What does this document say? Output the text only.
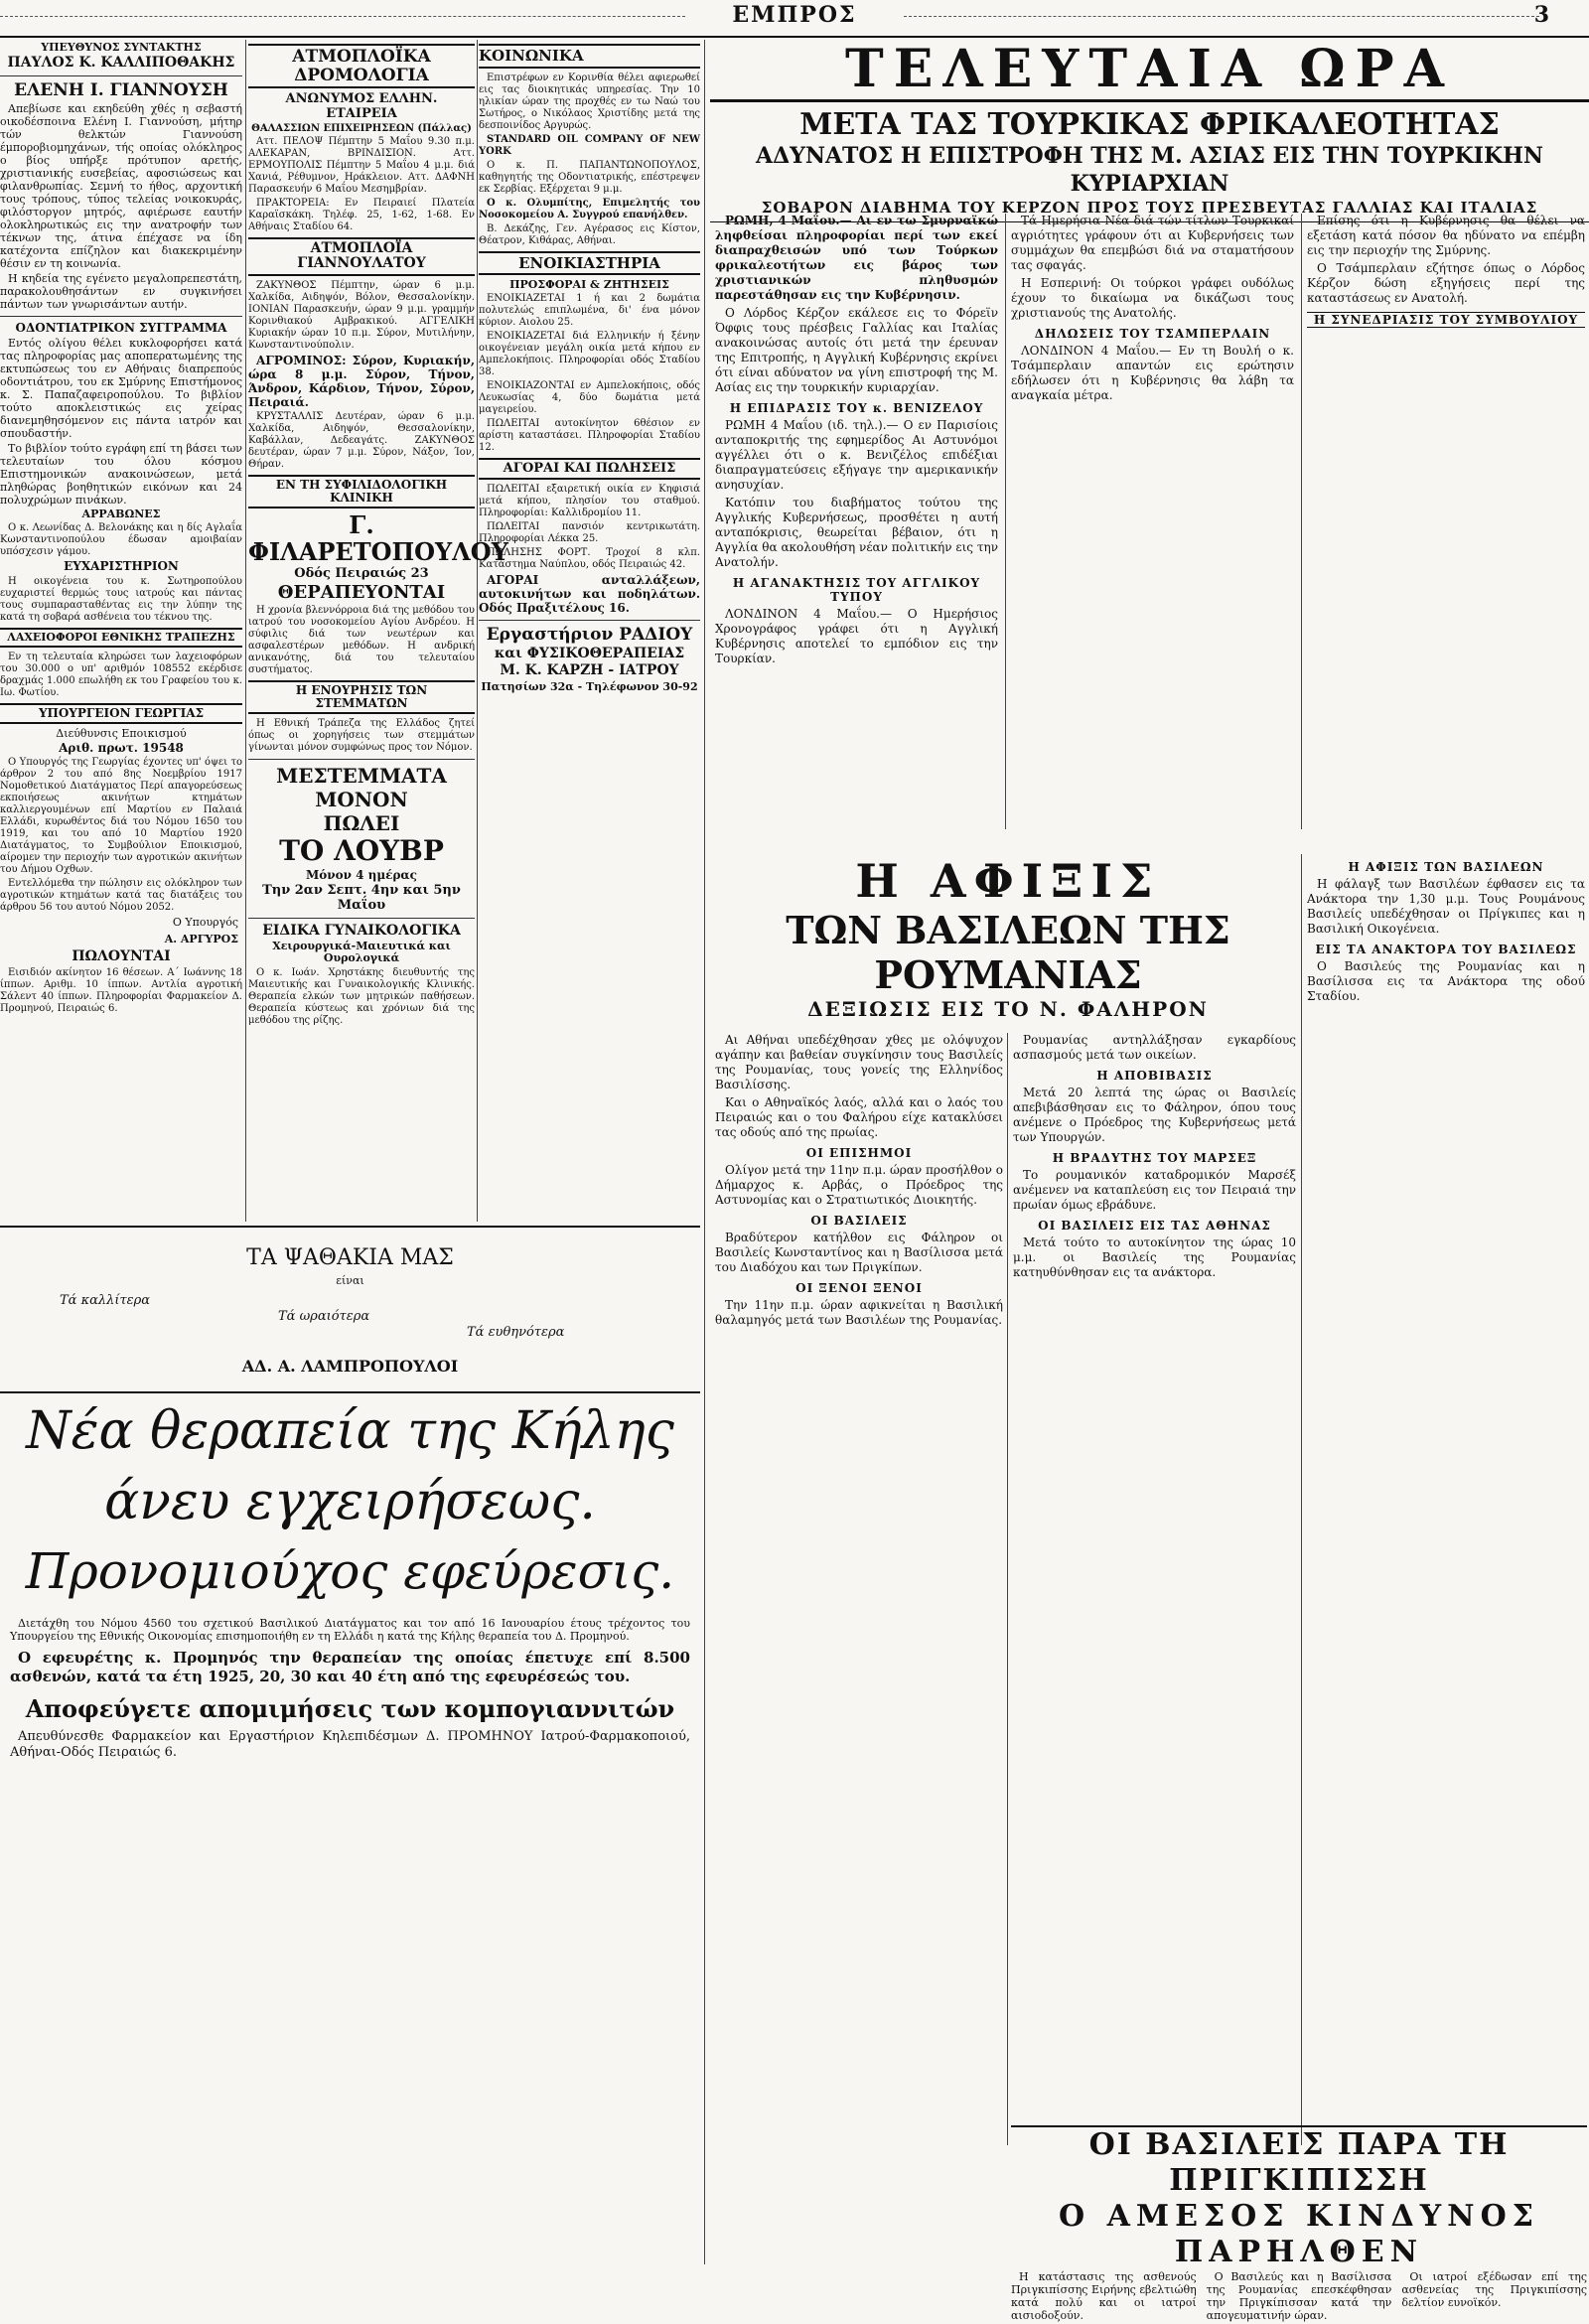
ΕΜΠΡΟΣ	3
ΥΠΕΥΘΥΝΟΣ ΣΥΝΤΑΚΤΗΣ
ΠΑΥΛΟΣ Κ. ΚΑΛΛΙΠΟΘΑΚΗΣ
ΕΛΕΝΗ Ι. ΓΙΑΝΝΟΥΣΗ

Απεβίωσε και εκηδεύθη χθές η σεβαστή οικοδέσποινα Ελένη Ι. Γιαννούση, μήτηρ τών θελκτών Γιαννούση έμποροβιομηχάνων, τής οποίας ολόκληρος ο βίος υπήρξε πρότυπον αρετής, χριστιανικής ευσεβείας, αφοσιώσεως και φιλανθρωπίας. Σεμνή το ήθος, αρχοντική τους τρόπους, τύπος τελείας νοικοκυράς, φιλόστοργον μητρός, αφιέρωσε εαυτήν ολοκληρωτικώς εις την ανατροφήν των τέκνων της, άτινα έπέχασε να ίδη κατέχοντα επίζηλον και διακεκριμένην θέσιν εν τη κοινωνία.

Η κηδεία της εγένετο μεγαλοπρεπεστάτη, παρακολουθησάντων εν συγκινήσει πάντων των γνωρισάντων αυτήν.

ΟΔΟΝΤΙΑΤΡΙΚΟΝ ΣΥΓΓΡΑΜΜΑ

Εντός ολίγου θέλει κυκλοφορήσει κατά τας πληροφορίας μας αποπερατωμένης της εκτυπώσεως του εν Αθήναις διαπρεπούς οδοντιάτρου, του εκ Σμύρνης Επιστήμονος κ. Σ. Παπαζαφειροπούλου. Το βιβλίον τούτο αποκλειστικώς εις χείρας διανεμηθησόμενον εις πάντα ιατρόν και σπουδαστήν.

Το βιβλίον τούτο εγράφη επί τη βάσει των τελευταίων του όλου κόσμου Επιστημονικών ανακοινώσεων, μετά πληθώρας βοηθητικών εικόνων και 24 πολυχρώμων πινάκων.

ΑΡΡΑΒΩΝΕΣ

Ο κ. Λεωνίδας Δ. Βελονάκης και η δίς Αγλαΐα Κωνσταντινοπούλου έδωσαν αμοιβαίαν υπόσχεσιν γάμου.

ΕΥΧΑΡΙΣΤΗΡΙΟΝ

Η οικογένεια του κ. Σωτηροπούλου ευχαριστεί θερμώς τους ιατρούς και πάντας τους συμπαρασταθέντας εις την λύπην της κατά τη σοβαρά ασθένεια του τέκνου της.

ΛΑΧΕΙΟΦΟΡΟΙ ΕΘΝΙΚΗΣ ΤΡΑΠΕΖΗΣ

Εν τη τελευταία κληρώσει των λαχειοφόρων του 30.000 ο υπ' αριθμόν 108552 εκέρδισε δραχμάς 1.000 επωλήθη εκ του Γραφείου του κ. Ιω. Φωτίου.

ΥΠΟΥΡΓΕΙΟΝ ΓΕΩΡΓΙΑΣ
Διεύθυνσις Εποικισμού
Αριθ. πρωτ. 19548

Ο Υπουργός της Γεωργίας έχοντες υπ' όψει το άρθρον 2 του από 8ης Νοεμβρίου 1917 Νομοθετικού Διατάγματος Περί απαγορεύσεως εκποιήσεως ακινήτων κτημάτων καλλιεργουμένων επί Μαρτίου εν Παλαιά Ελλάδι, κυρωθέντος διά του Νόμου 1650 του 1919, και του από 10 Μαρτίου 1920 Διατάγματος, το Συμβούλιον Εποικισμού, αίρομεν την περιοχήν των αγροτικών ακινήτων του Δήμου Οχθων.

Εντελλόμεθα την πώλησιν εις ολόκληρον των αγροτικών κτημάτων κατά τας διατάξεις του άρθρου 56 του αυτού Νόμου 2052.

Ο Υπουργός
Α. ΑΡΓΥΡΟΣ
ΠΩΛΟΥΝΤΑΙ

Εισιδιόν ακίνητον 16 θέσεων. Α΄ Ιωάννης 18 ίππων. Αριθμ. 10 ίππων. Αντλία αγροτική Σάλεντ 40 ίππων. Πληροφορίαι Φαρμακείον Δ. Προμηνού, Πειραιώς 6.

ΑΤΜΟΠΛΟΪΚΑ ΔΡΟΜΟΛΟΓΙΑ
ΑΝΩΝΥΜΟΣ ΕΛΛΗΝ. ΕΤΑΙΡΕΙΑ
ΘΑΛΑΣΣΙΩΝ ΕΠΙΧΕΙΡΗΣΕΩΝ (Πάλλας)

Αττ. ΠΕΛΟΨ Πέμπτην 5 Μαΐου 9.30 π.μ. ΑΛΕΚΑΡΑΝ, ΒΡΙΝΔΙΣΙΟΝ. Αττ. ΕΡΜΟΥΠΟΛΙΣ Πέμπτην 5 Μαΐου 4 μ.μ. διά Χανιά, Ρέθυμνον, Ηράκλειον. Αττ. ΔΑΦΝΗ Παρασκευήν 6 Μαΐου Μεσημβρίαν.

ΠΡΑΚΤΟΡΕΙΑ: Εν Πειραιεί Πλατεία Καραϊσκάκη. Τηλέφ. 25, 1-62, 1-68. Εν Αθήναις Σταδίου 64.

ΑΤΜΟΠΛΟΪΑ ΓΙΑΝΝΟΥΛΑΤΟΥ

ΖΑΚΥΝΘΟΣ Πέμπτην, ώραν 6 μ.μ. Χαλκίδα, Αιδηψόν, Βόλον, Θεσσαλονίκην. ΙΟΝΙΑΝ Παρασκευήν, ώραν 9 μ.μ. γραμμήν Κορινθιακού Αμβρακικού. ΑΓΓΕΛΙΚΗ Κυριακήν ώραν 10 π.μ. Σύρον, Μυτιλήνην, Κωνσταντινούπολιν.

ΑΓΡΟΜΙΝΟΣ: Σύρον, Κυριακήν, ώρα 8 μ.μ. Σύρον, Τήνον, Άνδρον, Κάρδιον, Τήνον, Σύρον, Πειραιά.

ΚΡΥΣΤΑΛΛΙΣ Δευτέραν, ώραν 6 μ.μ. Χαλκίδα, Αιδηψόν, Θεσσαλονίκην, Καβάλλαν, Δεδεαγάτς. ΖΑΚΥΝΘΟΣ δευτέραν, ώραν 7 μ.μ. Σύρον, Νάξον, Ίον, Θήραν.

ΕΝ ΤΗ ΣΥΦΙΛΙΔΟΛΟΓΙΚΗ ΚΛΙΝΙΚΗ
Γ. ΦΙΛΑΡΕΤΟΠΟΥΛΟΥ
Οδός Πειραιώς 23
ΘΕΡΑΠΕΥΟΝΤΑΙ

Η χρονία βλεννόρροια διά της μεθόδου του ιατρού του νοσοκομείου Αγίου Ανδρέου. Η σύφιλις διά των νεωτέρων και ασφαλεστέρων μεθόδων. Η ανδρική ανικανότης, διά του τελευταίου συστήματος.

Η ΕΝΟΥΡΗΣΙΣ ΤΩΝ ΣΤΕΜΜΑΤΩΝ

Η Εθνική Τράπεζα της Ελλάδος ζητεί όπως οι χορηγήσεις των στεμμάτων γίνωνται μόνον συμφώνως προς τον Νόμον.

ΜΕΣΤΕΜΜΑΤΑ
ΜΟΝΟΝ
ΠΩΛΕΙ
ΤΟ ΛΟΥΒΡ
Μόνον 4 ημέρας
Την 2αν Σεπτ. 4ην και 5ην Μαΐου
ΕΙΔΙΚΑ ΓΥΝΑΙΚΟΛΟΓΙΚΑ
Χειρουργικά-Μαιευτικά και Ουρολογικά

Ο κ. Ιωάν. Χρηστάκης διευθυντής της Μαιευτικής και Γυναικολογικής Κλινικής. Θεραπεία ελκών των μητρικών παθήσεων. Θεραπεία κύστεως και χρόνιων διά της μεθόδου της ρίζης.

ΚΟΙΝΩΝΙΚΑ

Επιστρέφων εν Κορινθία θέλει αφιερωθεί εις τας διοικητικάς υπηρεσίας. Την 10 ηλικίαν ώραν της προχθές εν τω Ναώ του Σωτήρος, ο Νικόλαος Χριστίδης μετά της δεσποινίδος Αργυρώς.

STANDARD OIL COMPANY OF NEW YORK

Ο κ. Π. ΠΑΠΑΝΤΩΝΟΠΟΥΛΟΣ, καθηγητής της Οδοντιατρικής, επέστρεψεν εκ Σερβίας. Εξέρχεται 9 μ.μ.

Ο κ. Ολυμπίτης, Επιμελητής του Νοσοκομείου Α. Συγγρού επανήλθεν.

Β. Δεκάζης, Γεν. Αγέρασος εις Κίστον, Θέατρον, Κιθάρας, Αθήναι.

ΕΝΟΙΚΙΑΣΤΗΡΙΑ
ΠΡΟΣΦΟΡΑΙ & ΖΗΤΗΣΕΙΣ

ΕΝΟΙΚΙΑΖΕΤΑΙ 1 ή και 2 δωμάτια πολυτελώς επιπλωμένα, δι' ένα μόνον κύριον. Αιολου 25.

ΕΝΟΙΚΙΑΖΕΤΑΙ διά Ελληνικήν ή ξένην οικογένειαν μεγάλη οικία μετά κήπου εν Αμπελοκήποις. Πληροφορίαι οδός Σταδίου 38.

ΕΝΟΙΚΙΑΖΟΝΤΑΙ εν Αμπελοκήποις, οδός Λευκωσίας 4, δύο δωμάτια μετά μαγειρείου.

ΠΩΛΕΙΤΑΙ αυτοκίνητον 6θέσιον εν αρίστη καταστάσει. Πληροφορίαι Σταδίου 12.

ΑΓΟΡΑΙ ΚΑΙ ΠΩΛΗΣΕΙΣ

ΠΩΛΕΙΤΑΙ εξαιρετική οικία εν Κηφισιά μετά κήπου, πλησίον του σταθμού. Πληροφορίαι: Καλλιδρομίου 11.

ΠΩΛΕΙΤΑΙ πανσιόν κεντρικωτάτη. Πληροφορίαι Λέκκα 25.

ΠΩΛΗΣΗΣ ΦΟΡΤ. Τροχοί 8 κλπ. Κατάστημα Ναύπλου, οδός Πειραιώς 42.

ΑΓΟΡΑΙ ανταλλάξεων, αυτοκινήτων και ποδηλάτων. Οδός Πραξιτέλους 16.

Εργαστήριον ΡΑΔΙΟΥ
και ΦΥΣΙΚΟΘΕΡΑΠΕΙΑΣ
Μ. Κ. ΚΑΡΖΗ - ΙΑΤΡΟΥ
Πατησίων 32α - Τηλέφωνον 30-92
ΤΑ ΨΑΘΑΚΙΑ ΜΑΣ
είναι
Τά καλλίτερα
Τά ωραιότερα
Τά ευθηνότερα
ΑΔ. Α. ΛΑΜΠΡΟΠΟΥΛΟΙ
Νέα θεραπεία της Κήλης
άνευ εγχειρήσεως.
Προνομιούχος εφεύρεσις.

Διετάχθη του Νόμου 4560 του σχετικού Βασιλικού Διατάγματος και τον από 16 Ιανουαρίου έτους τρέχοντος του Υπουργείου της Εθνικής Οικονομίας επισημοποιήθη εν τη Ελλάδι η κατά της Κήλης θεραπεία του Δ. Προμηνού.

Ο εφευρέτης κ. Προμηνός την θεραπείαν της οποίας έπετυχε επί 8.500 ασθενών, κατά τα έτη 1925, 20, 30 και 40 έτη από της εφευρέσεώς του.

Αποφεύγετε απομιμήσεις των κομπογιαννιτών

Απευθύνεσθε Φαρμακείον και Εργαστήριον Κηλεπιδέσμων Δ. ΠΡΟΜΗΝΟΥ Ιατρού-Φαρμακοποιού, Αθήναι-Οδός Πειραιώς 6.

ΤΕΛΕΥΤΑΙΑ ΩΡΑ
ΜΕΤΑ ΤΑΣ ΤΟΥΡΚΙΚΑΣ ΦΡΙΚΑΛΕΟΤΗΤΑΣ
ΑΔΥΝΑΤΟΣ Η ΕΠΙΣΤΡΟΦΗ ΤΗΣ Μ. ΑΣΙΑΣ ΕΙΣ ΤΗΝ ΤΟΥΡΚΙΚΗΝ ΚΥΡΙΑΡΧΙΑΝ
ΣΟΒΑΡΟΝ ΔΙΑΒΗΜΑ ΤΟΥ ΚΕΡΖΟΝ ΠΡΟΣ ΤΟΥΣ ΠΡΕΣΒΕΥΤΑΣ ΓΑΛΛΙΑΣ ΚΑΙ ΙΤΑΛΙΑΣ

ΡΩΜΗ, 4 Μαΐου.— Αι εν τω Σμυρναϊκώ ληφθείσαι πληροφορίαι περί των εκεί διαπραχθεισών υπό των Τούρκων φρικαλεοτήτων εις βάρος των χριστιανικών πληθυσμών παρεστάθησαν εις την Κυβέρνησιν.

Ο Λόρδος Κέρζον εκάλεσε εις το Φόρεϊν Όφφις τους πρέσβεις Γαλλίας και Ιταλίας ανακοινώσας αυτοίς ότι μετά την έρευναν της Επιτροπής, η Αγγλική Κυβέρνησις εκρίνει ότι είναι αδύνατον να γίνη επιστροφή της Μ. Ασίας εις την τουρκικήν κυριαρχίαν.

Η ΕΠΙΔΡΑΣΙΣ ΤΟΥ κ. ΒΕΝΙΖΕΛΟΥ

ΡΩΜΗ 4 Μαΐου (ιδ. τηλ.).— Ο εν Παρισίοις ανταποκριτής της εφημερίδος Αι Αστυνόμοι αγγέλλει ότι ο κ. Βενιζέλος επιδέξιαι διαπραγματεύσεις εξήγαγε την αμερικανικήν ανησυχίαν.

Κατόπιν του διαβήματος τούτου της Αγγλικής Κυβερνήσεως, προσθέτει η αυτή ανταπόκρισις, θεωρείται βέβαιον, ότι η Αγγλία θα ακολουθήση νέαν πολιτικήν εις την Ανατολήν.

Η ΑΓΑΝΑΚΤΗΣΙΣ ΤΟΥ ΑΓΓΛΙΚΟΥ ΤΥΠΟΥ

ΛΟΝΔΙΝΟΝ 4 Μαΐου.— Ο Ημερήσιος Χρονογράφος γράφει ότι η Αγγλική Κυβέρνησις αποτελεί το εμπόδιον εις την Τουρκίαν.

Τά Ημερήσια Νέα διά τών τίτλων Τουρκικαί αγριότητες γράφουν ότι αι Κυβερνήσεις των συμμάχων θα επεμβώσι διά να σταματήσουν τας σφαγάς.

Η Εσπερινή: Οι τούρκοι γράφει ουδόλως έχουν το δικαίωμα να δικάζωσι τους χριστιανούς της Ανατολής.

ΔΗΛΩΣΕΙΣ ΤΟΥ ΤΣΑΜΠΕΡΛΑΙΝ

ΛΟΝΔΙΝΟΝ 4 Μαΐου.— Εν τη Βουλή ο κ. Τσάμπερλαιν απαντών εις ερώτησιν εδήλωσεν ότι η Κυβέρνησις θα λάβη τα αναγκαία μέτρα.

Επίσης ότι η Κυβέρνησις θα θέλει να εξετάση κατά πόσον θα ηδύνατο να επέμβη εις την περιοχήν της Σμύρνης.

Ο Τσάμπερλαιν εζήτησε όπως ο Λόρδος Κέρζον δώση εξηγήσεις περί της καταστάσεως εν Ανατολή.

Η ΣΥΝΕΔΡΙΑΣΙΣ ΤΟΥ ΣΥΜΒΟΥΛΙΟΥ
Η ΑΦΙΞΙΣ
ΤΩΝ ΒΑΣΙΛΕΩΝ ΤΗΣ ΡΟΥΜΑΝΙΑΣ
ΔΕΞΙΩΣΙΣ ΕΙΣ ΤΟ Ν. ΦΑΛΗΡΟΝ

Αι Αθήναι υπεδέχθησαν χθες με ολόψυχον αγάπην και βαθείαν συγκίνησιν τους Βασιλείς της Ρουμανίας, τους γονείς της Ελληνίδος Βασιλίσσης.

Και ο Αθηναϊκός λαός, αλλά και ο λαός του Πειραιώς και ο του Φαλήρου είχε κατακλύσει τας οδούς από της πρωίας.

ΟΙ ΕΠΙΣΗΜΟΙ

Ολίγον μετά την 11ην π.μ. ώραν προσήλθον ο Δήμαρχος κ. Αρβάς, ο Πρόεδρος της Αστυνομίας και ο Στρατιωτικός Διοικητής.

ΟΙ ΒΑΣΙΛΕΙΣ

Βραδύτερον κατήλθον εις Φάληρον οι Βασιλείς Κωνσταντίνος και η Βασίλισσα μετά του Διαδόχου και των Πριγκίπων.

ΟΙ ΞΕΝΟΙ ΞΕΝΟΙ

Την 11ην π.μ. ώραν αφικνείται η Βασιλική θαλαμηγός μετά των Βασιλέων της Ρουμανίας.

Ρουμανίας αντηλλάξησαν εγκαρδίους ασπασμούς μετά των οικείων.

Η ΑΠΟΒΙΒΑΣΙΣ

Μετά 20 λεπτά της ώρας οι Βασιλείς απεβιβάσθησαν εις το Φάληρον, όπου τους ανέμενε ο Πρόεδρος της Κυβερνήσεως μετά των Υπουργών.

Η ΒΡΑΔΥΤΗΣ ΤΟΥ ΜΑΡΣΕΞ

Το ρουμανικόν καταδρομικόν Μαρσέξ ανέμενεν να καταπλεύση εις τον Πειραιά την πρωίαν όμως εβράδυνε.

ΟΙ ΒΑΣΙΛΕΙΣ ΕΙΣ ΤΑΣ ΑΘΗΝΑΣ

Μετά τούτο το αυτοκίνητον της ώρας 10 μ.μ. οι Βασιλείς της Ρουμανίας κατηυθύνθησαν εις τα ανάκτορα.

Η ΑΦΙΞΙΣ ΤΩΝ ΒΑΣΙΛΕΩΝ

Η φάλαγξ των Βασιλέων έφθασεν εις τα Ανάκτορα την 1,30 μ.μ. Τους Ρουμάνους Βασιλείς υπεδέχθησαν οι Πρίγκιπες και η Βασιλική Οικογένεια.

ΕΙΣ ΤΑ ΑΝΑΚΤΟΡΑ ΤΟΥ ΒΑΣΙΛΕΩΣ

Ο Βασιλεύς της Ρουμανίας και η Βασίλισσα εις τα Ανάκτορα της οδού Σταδίου.

ΟΙ ΒΑΣΙΛΕΙΣ ΠΑΡΑ ΤΗ ΠΡΙΓΚΙΠΙΣΣΗ
Ο ΑΜΕΣΟΣ ΚΙΝΔΥΝΟΣ ΠΑΡΗΛΘΕΝ

Η κατάστασις της ασθενούς Πριγκιπίσσης Ειρήνης εβελτιώθη κατά πολύ και οι ιατροί αισιοδοξούν.

Ο Βασιλεύς και η Βασίλισσα της Ρουμανίας επεσκέφθησαν την Πριγκίπισσαν κατά την απογευματινήν ώραν.

Οι ιατροί εξέδωσαν επί της ασθενείας της Πριγκιπίσσης δελτίον ευνοϊκόν.
